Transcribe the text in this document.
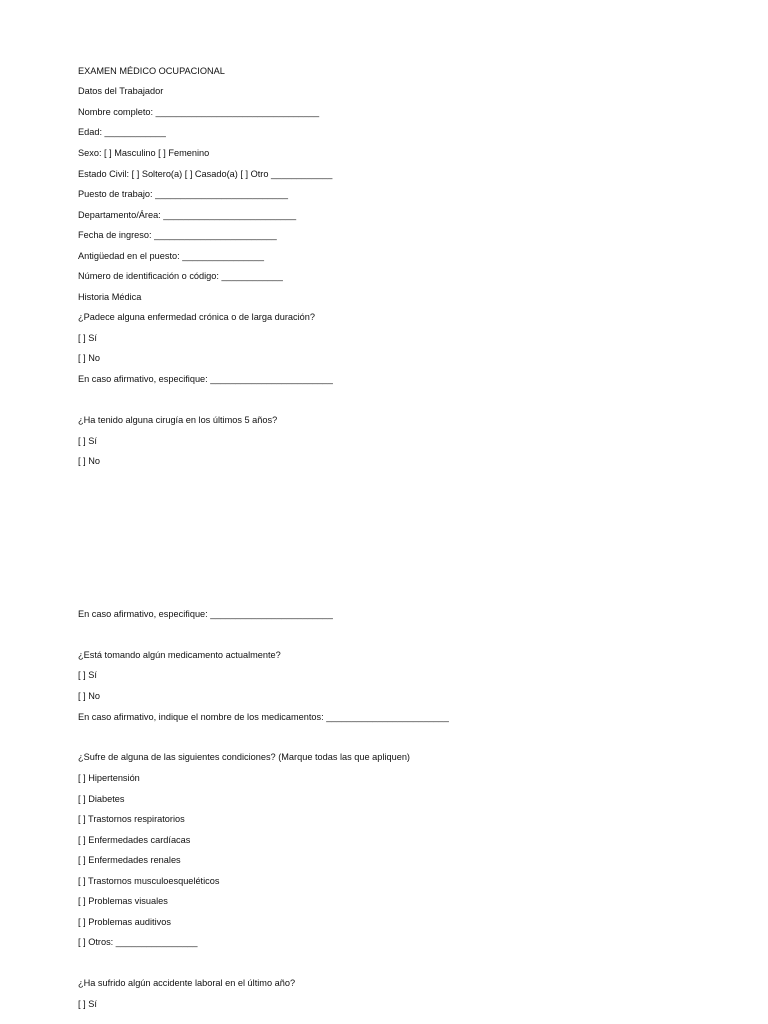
EXAMEN MÉDICO OCUPACIONAL
Datos del Trabajador
Nombre completo: ________________________________
Edad: ____________
Sexo: [ ] Masculino [ ] Femenino
Estado Civil: [ ] Soltero(a) [ ] Casado(a) [ ] Otro ____________
Puesto de trabajo: __________________________
Departamento/Área: __________________________
Fecha de ingreso: ________________________
Antigüedad en el puesto: ________________
Número de identificación o código: ____________
Historia Médica
¿Padece alguna enfermedad crónica o de larga duración?
[ ] Sí
[ ] No
En caso afirmativo, especifique: ________________________
¿Ha tenido alguna cirugía en los últimos 5 años?
[ ] Sí
[ ] No
En caso afirmativo, especifique: ________________________
¿Está tomando algún medicamento actualmente?
[ ] Sí
[ ] No
En caso afirmativo, indique el nombre de los medicamentos: ________________________
¿Sufre de alguna de las siguientes condiciones? (Marque todas las que apliquen)
[ ] Hipertensión
[ ] Diabetes
[ ] Trastornos respiratorios
[ ] Enfermedades cardíacas
[ ] Enfermedades renales
[ ] Trastornos musculoesqueléticos
[ ] Problemas visuales
[ ] Problemas auditivos
[ ] Otros: ________________
¿Ha sufrido algún accidente laboral en el último año?
[ ] Sí
